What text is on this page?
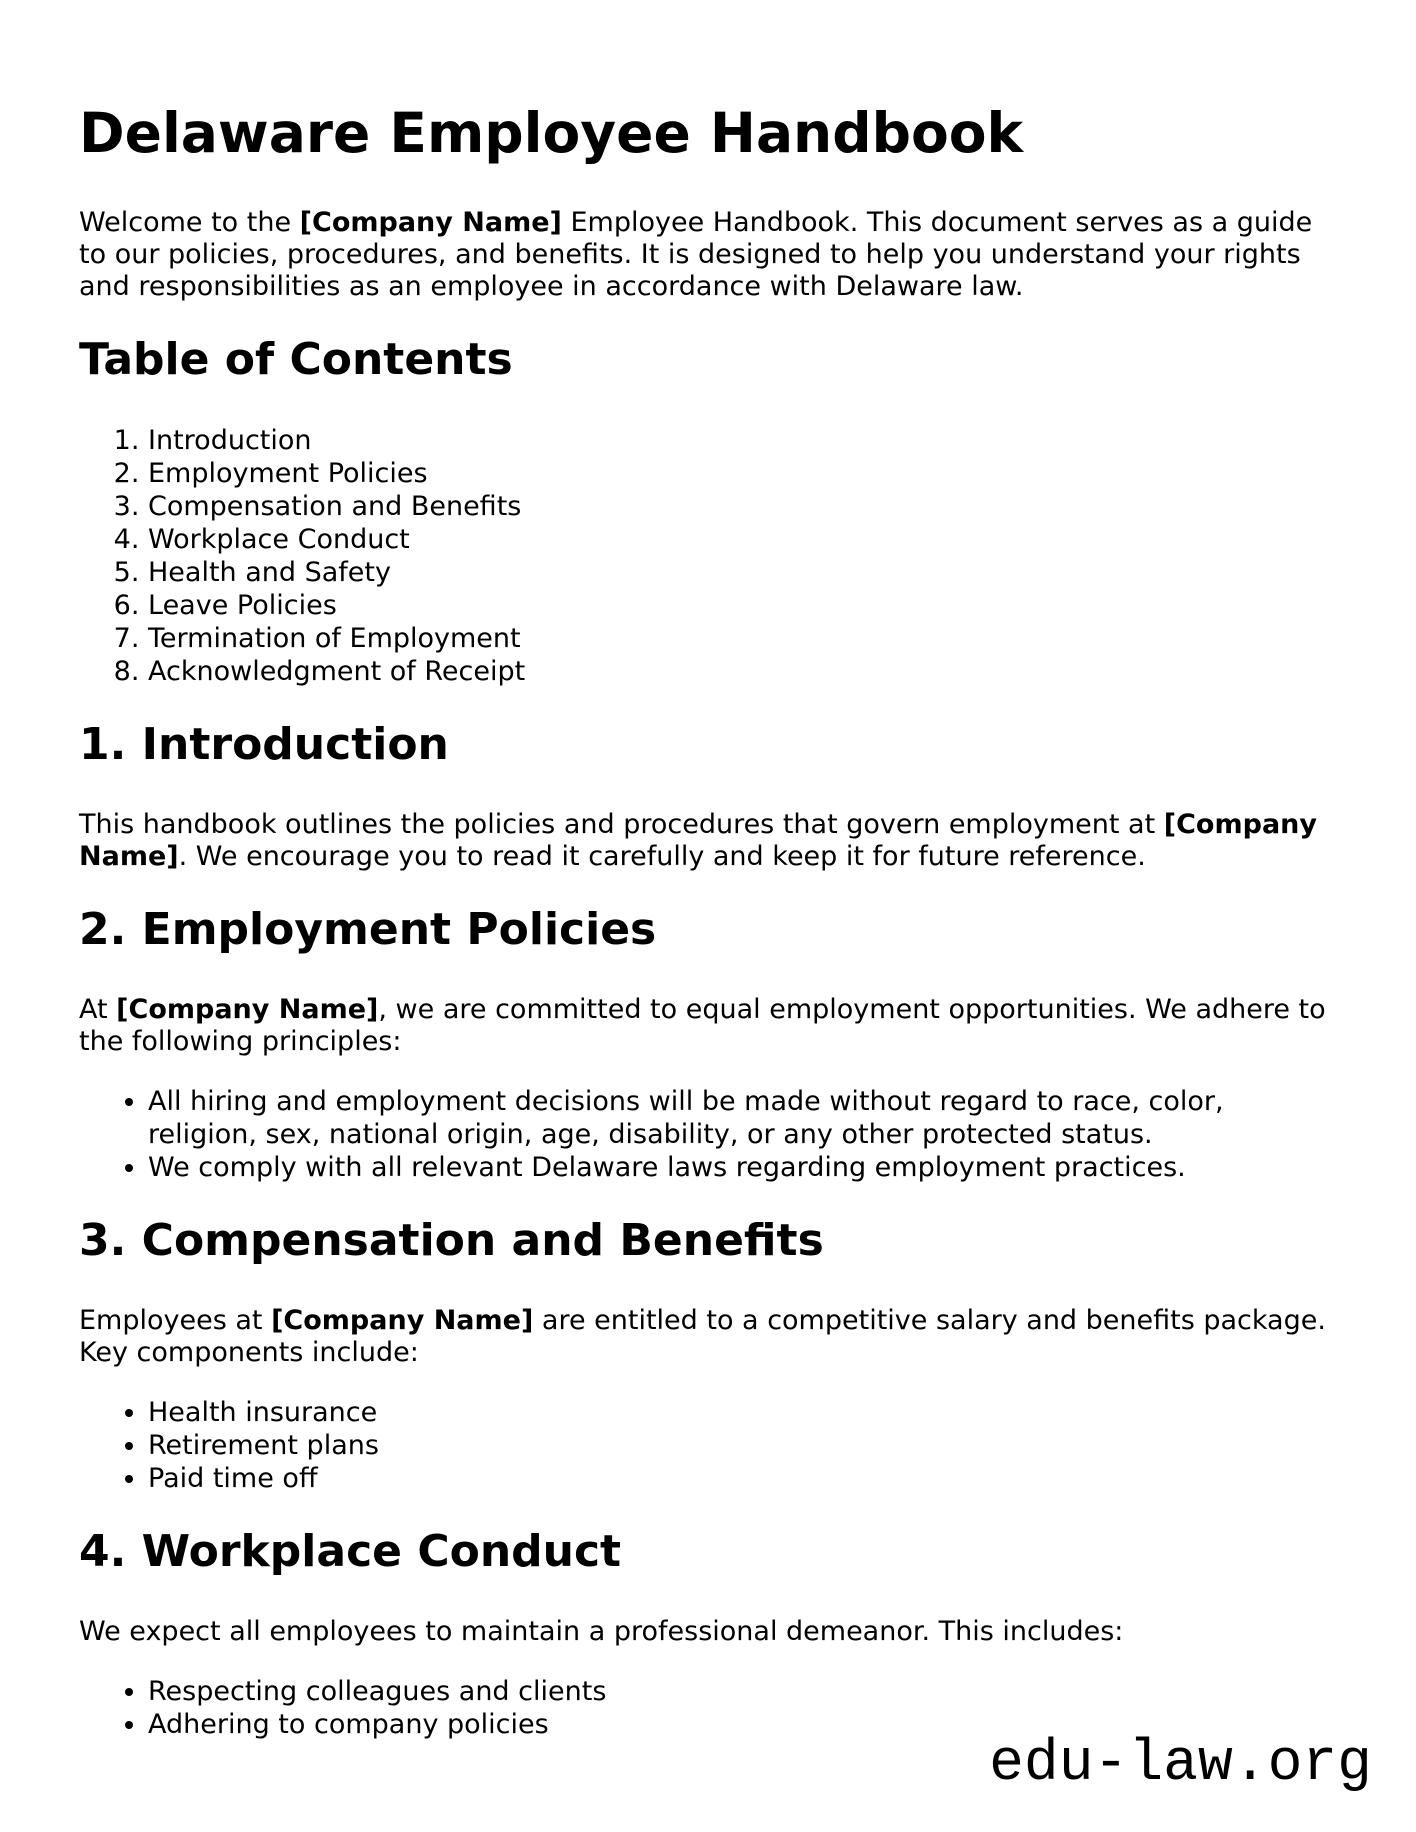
Delaware Employee Handbook

Welcome to the [Company Name] Employee Handbook. This document serves as a guide to our policies, procedures, and benefits. It is designed to help you understand your rights and responsibilities as an employee in accordance with Delaware law.

Table of Contents
1. Introduction
2. Employment Policies
3. Compensation and Benefits
4. Workplace Conduct
5. Health and Safety
6. Leave Policies
7. Termination of Employment
8. Acknowledgment of Receipt
1. Introduction

This handbook outlines the policies and procedures that govern employment at [Company Name]. We encourage you to read it carefully and keep it for future reference.

2. Employment Policies

At [Company Name], we are committed to equal employment opportunities. We adhere to the following principles:

• All hiring and employment decisions will be made without regard to race, color, religion, sex, national origin, age, disability, or any other protected status.
• We comply with all relevant Delaware laws regarding employment practices.
3. Compensation and Benefits

Employees at [Company Name] are entitled to a competitive salary and benefits package. Key components include:

• Health insurance
• Retirement plans
• Paid time off
4. Workplace Conduct

We expect all employees to maintain a professional demeanor. This includes:

• Respecting colleagues and clients
• Adhering to company policies
edu-law.org
